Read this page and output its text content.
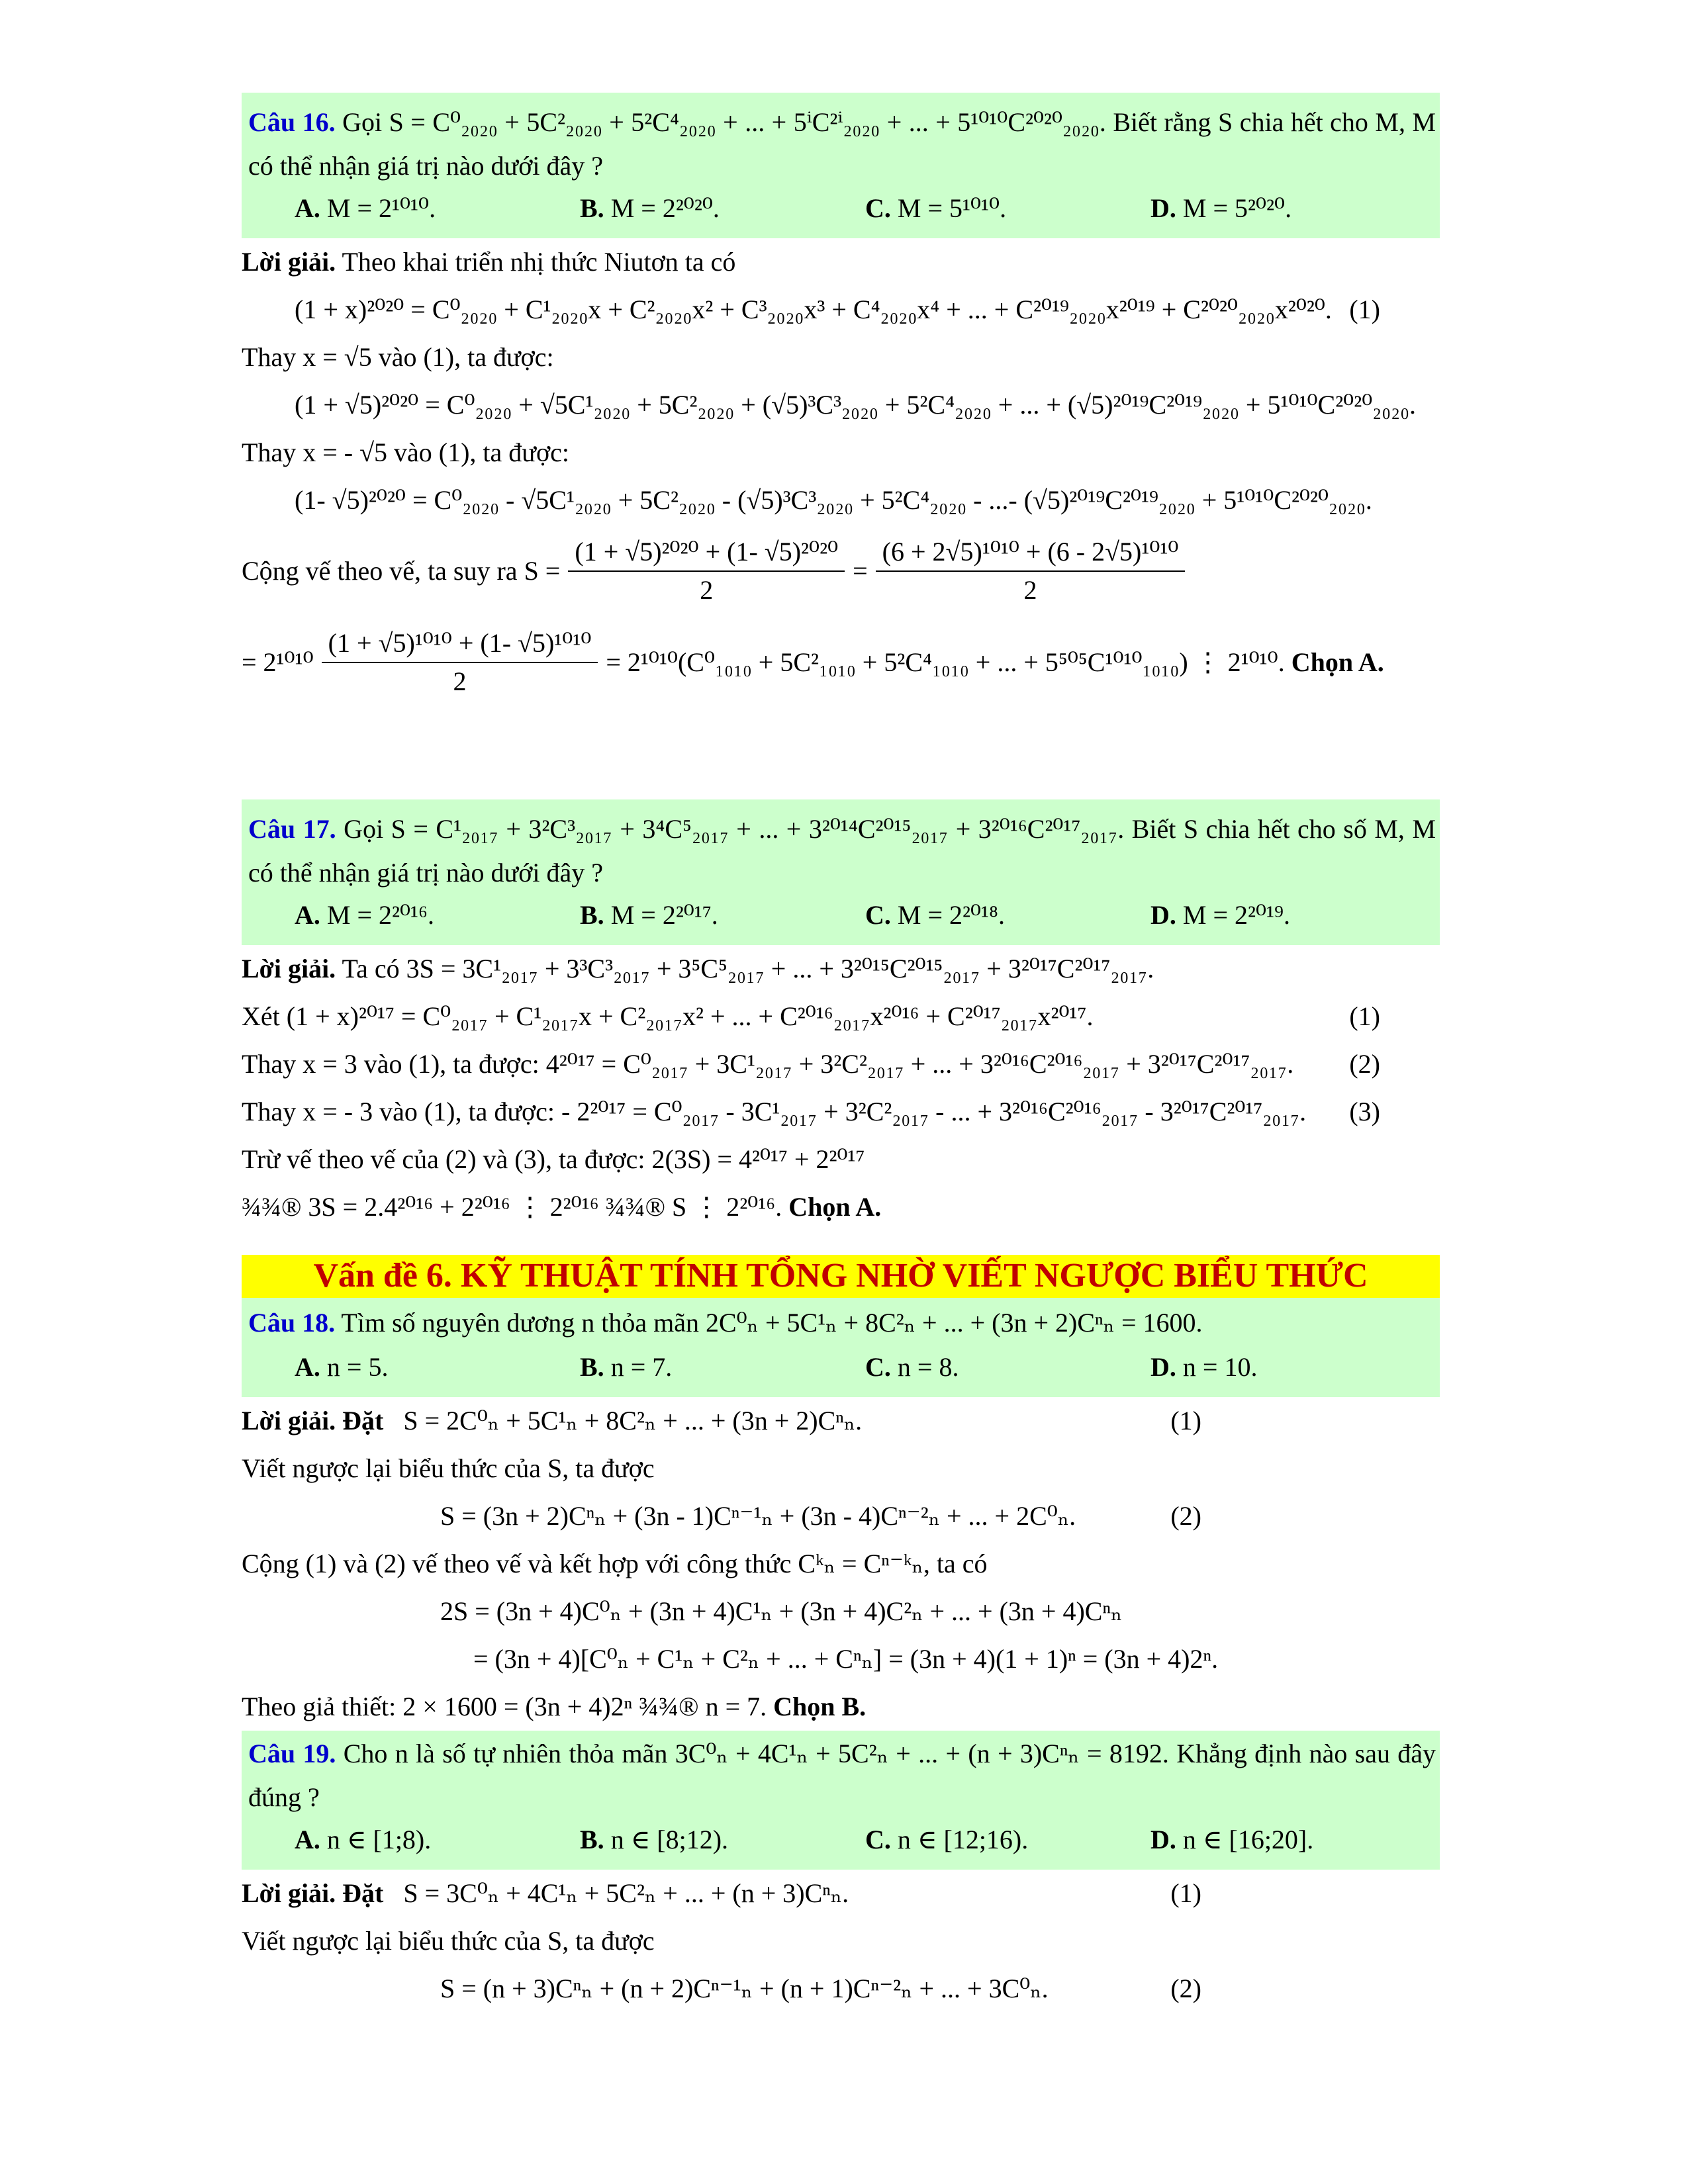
Câu 16. Gọi S = C⁰₂₀₂₀ + 5C²₂₀₂₀ + 5²C⁴₂₀₂₀ + ... + 5ⁱC²ⁱ₂₀₂₀ + ... + 5¹⁰¹⁰C²⁰²⁰₂₀₂₀. Biết rằng S chia hết cho M, M có thể nhận giá trị nào dưới đây ?
A. M = 2¹⁰¹⁰.	B. M = 2²⁰²⁰.	C. M = 5¹⁰¹⁰.	D. M = 5²⁰²⁰.
Lời giải. Theo khai triển nhị thức Niutơn ta có
(1 + x)²⁰²⁰ = C⁰₂₀₂₀ + C¹₂₀₂₀x + C²₂₀₂₀x² + C³₂₀₂₀x³ + C⁴₂₀₂₀x⁴ + ... + C²⁰¹⁹₂₀₂₀x²⁰¹⁹ + C²⁰²⁰₂₀₂₀x²⁰²⁰. (1)
Thay x = √5 vào (1), ta được:
(1 + √5)²⁰²⁰ = C⁰₂₀₂₀ + √5C¹₂₀₂₀ + 5C²₂₀₂₀ + (√5)³C³₂₀₂₀ + 5²C⁴₂₀₂₀ + ... + (√5)²⁰¹⁹C²⁰¹⁹₂₀₂₀ + 5¹⁰¹⁰C²⁰²⁰₂₀₂₀.
Thay x = - √5 vào (1), ta được:
(1- √5)²⁰²⁰ = C⁰₂₀₂₀ - √5C¹₂₀₂₀ + 5C²₂₀₂₀ - (√5)³C³₂₀₂₀ + 5²C⁴₂₀₂₀ - ...- (√5)²⁰¹⁹C²⁰¹⁹₂₀₂₀ + 5¹⁰¹⁰C²⁰²⁰₂₀₂₀.
Cộng vế theo vế, ta suy ra $S = \frac{\text{(1 + √5)²⁰²⁰ + (1- √5)²⁰²⁰}}{2} = \frac{\text{(6 + 2√5)¹⁰¹⁰ + (6 - 2√5)¹⁰¹⁰}}{2}$
= $2^{1010} \frac{\text{(1 + √5)¹⁰¹⁰ + (1- √5)¹⁰¹⁰}}{2} = 2^{1010}(C^0_{1010} + 5C^2_{1010} + 5^2C^4_{1010}$ + ... + 5⁵⁰⁵C¹⁰¹⁰₁₀₁₀) ⋮ 2¹⁰¹⁰.
Chọn A.
Câu 17. Gọi S = C¹₂₀₁₇ + 3²C³₂₀₁₇ + 3⁴C⁵₂₀₁₇ + ... + 3²⁰¹⁴C²⁰¹⁵₂₀₁₇ + 3²⁰¹⁶C²⁰¹⁷₂₀₁₇. Biết S chia hết cho số M, M có thể nhận giá trị nào dưới đây ?
A. M = 2²⁰¹⁶.	B. M = 2²⁰¹⁷.	C. M = 2²⁰¹⁸.	D. M = 2²⁰¹⁹.
Lời giải. Ta có 3S = 3C¹₂₀₁₇ + 3³C³₂₀₁₇ + 3⁵C⁵₂₀₁₇ + ... + 3²⁰¹⁵C²⁰¹⁵₂₀₁₇ + 3²⁰¹⁷C²⁰¹⁷₂₀₁₇.
Xét (1 + x)²⁰¹⁷ = C⁰₂₀₁₇ + C¹₂₀₁₇x + C²₂₀₁₇x² + ... + C²⁰¹⁶₂₀₁₇x²⁰¹⁶ + C²⁰¹⁷₂₀₁₇x²⁰¹⁷.	(1)
Thay x = 3 vào (1), ta được: 4²⁰¹⁷ = C⁰₂₀₁₇ + 3C¹₂₀₁₇ + 3²C²₂₀₁₇ + ... + 3²⁰¹⁶C²⁰¹⁶₂₀₁₇ + 3²⁰¹⁷C²⁰¹⁷₂₀₁₇. (2)
Thay x = - 3 vào (1), ta được: - 2²⁰¹⁷ = C⁰₂₀₁₇ - 3C¹₂₀₁₇ + 3²C²₂₀₁₇ - ... + 3²⁰¹⁶C²⁰¹⁶₂₀₁₇ - 3²⁰¹⁷C²⁰¹⁷₂₀₁₇. (3)
Trừ vế theo vế của (2) và (3), ta được: 2(3S) = 4²⁰¹⁷ + 2²⁰¹⁷
¾¾® 3S = 2.4²⁰¹⁶ + 2²⁰¹⁶ ⋮ 2²⁰¹⁶ ¾¾® S ⋮ 2²⁰¹⁶. Chọn A.
Vấn đề 6. KỸ THUẬT TÍNH TỔNG NHỜ VIẾT NGƯỢC BIỂU THỨC
Câu 18. Tìm số nguyên dương n thỏa mãn 2C⁰ₙ + 5C¹ₙ + 8C²ₙ + ... + (3n + 2)Cⁿₙ = 1600.
A. n = 5.	B. n = 7.	C. n = 8.	D. n = 10.
Lời giải. Đặt S = 2C⁰ₙ + 5C¹ₙ + 8C²ₙ + ... + (3n + 2)Cⁿₙ.	(1)
Viết ngược lại biểu thức của S, ta được
S = (3n + 2)Cⁿₙ + (3n - 1)Cⁿ⁻¹ₙ + (3n - 4)Cⁿ⁻²ₙ + ... + 2C⁰ₙ.	(2)
Cộng (1) và (2) vế theo vế và kết hợp với công thức Cᵏₙ = Cⁿ⁻ᵏₙ, ta có
2S = (3n + 4)C⁰ₙ + (3n + 4)C¹ₙ + (3n + 4)C²ₙ + ... + (3n + 4)Cⁿₙ
= (3n + 4)[C⁰ₙ + C¹ₙ + C²ₙ + ... + Cⁿₙ] = (3n + 4)(1 + 1)ⁿ = (3n + 4)2ⁿ.
Theo giả thiết: 2 × 1600 = (3n + 4)2ⁿ ¾¾® n = 7. Chọn B.
Câu 19. Cho n là số tự nhiên thỏa mãn 3C⁰ₙ + 4C¹ₙ + 5C²ₙ + ... + (n + 3)Cⁿₙ = 8192. Khẳng định nào sau đây đúng ?
A. n ∈ [1;8).	B. n ∈ [8;12).	C. n ∈ [12;16).	D. n ∈ [16;20].
Lời giải. Đặt S = 3C⁰ₙ + 4C¹ₙ + 5C²ₙ + ... + (n + 3)Cⁿₙ.	(1)
Viết ngược lại biểu thức của S, ta được
S = (n + 3)Cⁿₙ + (n + 2)Cⁿ⁻¹ₙ + (n + 1)Cⁿ⁻²ₙ + ... + 3C⁰ₙ.	(2)
